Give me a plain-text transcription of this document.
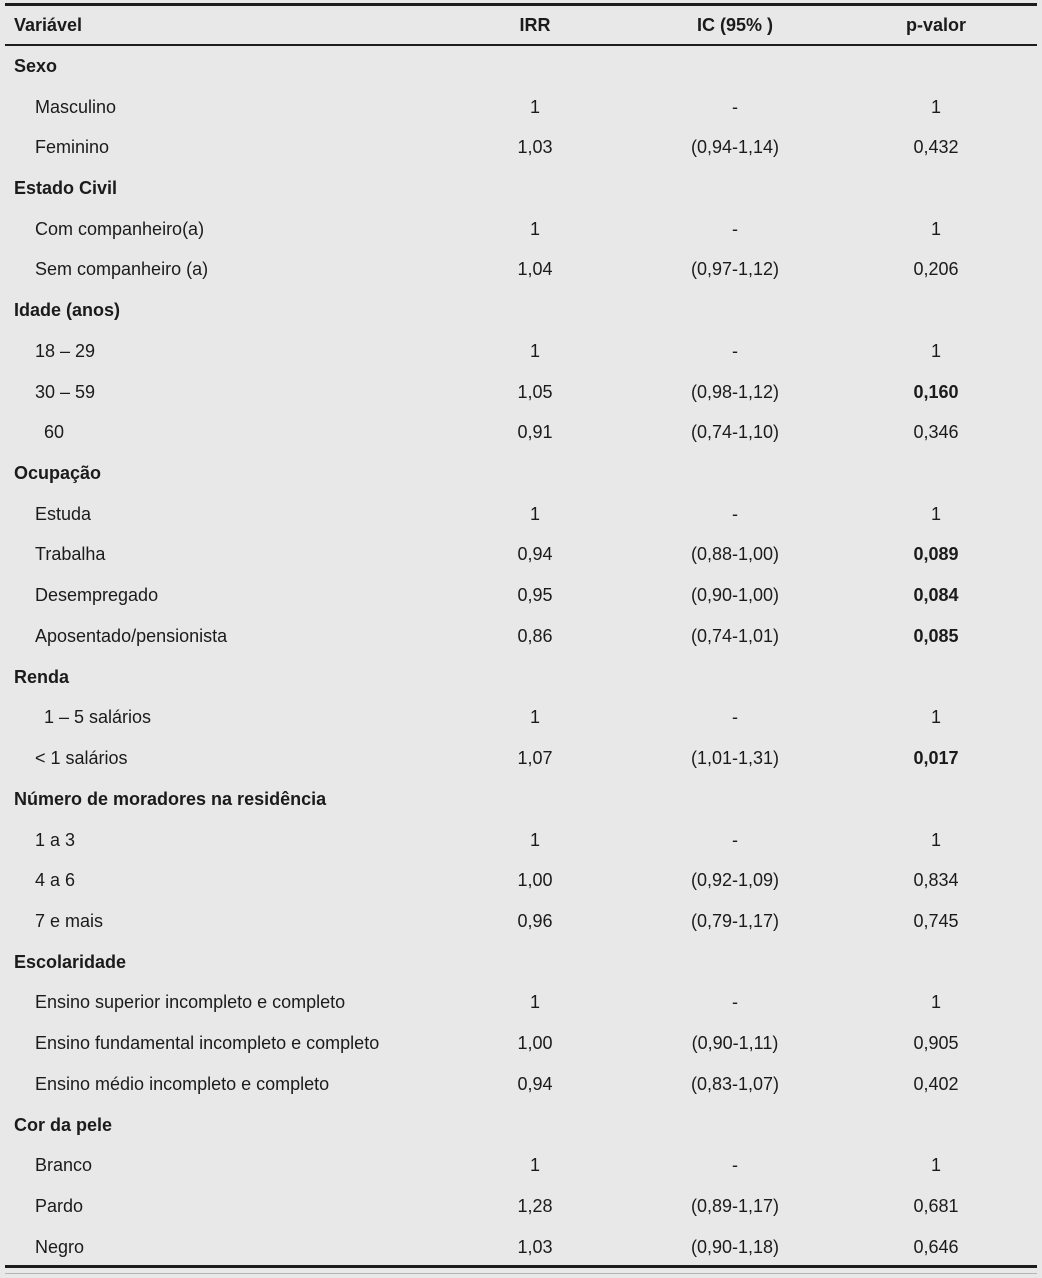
Variável	IRR	IC (95% )	p-valor
Sexo
Masculino	1	-	1
Feminino	1,03	(0,94-1,14)	0,432
Estado Civil
Com companheiro(a)	1	-	1
Sem companheiro (a)	1,04	(0,97-1,12)	0,206
Idade (anos)
18 – 29	1	-	1
30 – 59	1,05	(0,98-1,12)	0,160
60	0,91	(0,74-1,10)	0,346
Ocupação
Estuda	1	-	1
Trabalha	0,94	(0,88-1,00)	0,089
Desempregado	0,95	(0,90-1,00)	0,084
Aposentado/pensionista	0,86	(0,74-1,01)	0,085
Renda
1 – 5 salários	1	-	1
< 1 salários	1,07	(1,01-1,31)	0,017
Número de moradores na residência
1 a 3	1	-	1
4 a 6	1,00	(0,92-1,09)	0,834
7 e mais	0,96	(0,79-1,17)	0,745
Escolaridade
Ensino superior incompleto e completo	1	-	1
Ensino fundamental incompleto e completo	1,00	(0,90-1,11)	0,905
Ensino médio incompleto e completo	0,94	(0,83-1,07)	0,402
Cor da pele
Branco	1	-	1
Pardo	1,28	(0,89-1,17)	0,681
Negro	1,03	(0,90-1,18)	0,646
